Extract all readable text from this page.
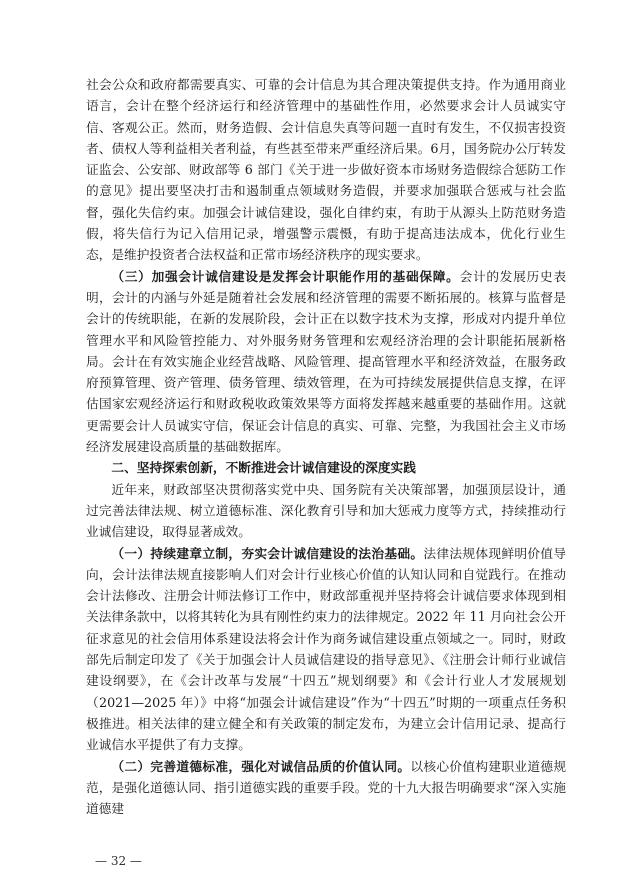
社会公众和政府都需要真实、可靠的会计信息为其合理决策提供支持。作为通用商业语言，会计在整个经济运行和经济管理中的基础性作用，必然要求会计人员诚实守信、客观公正。然而，财务造假、会计信息失真等问题一直时有发生，不仅损害投资者、债权人等利益相关者利益，有些甚至带来严重经济后果。6月，国务院办公厅转发证监会、公安部、财政部等 6 部门《关于进一步做好资本市场财务造假综合惩防工作的意见》提出要坚决打击和遏制重点领域财务造假，并要求加强联合惩戒与社会监督，强化失信约束。加强会计诚信建设，强化自律约束，有助于从源头上防范财务造假，将失信行为记入信用记录，增强警示震慑，有助于提高违法成本，优化行业生态，是维护投资者合法权益和正常市场经济秩序的现实要求。

（三）加强会计诚信建设是发挥会计职能作用的基础保障。会计的发展历史表明，会计的内涵与外延是随着社会发展和经济管理的需要不断拓展的。核算与监督是会计的传统职能，在新的发展阶段，会计正在以数字技术为支撑，形成对内提升单位管理水平和风险管控能力、对外服务财务管理和宏观经济治理的会计职能拓展新格局。会计在有效实施企业经营战略、风险管理、提高管理水平和经济效益，在服务政府预算管理、资产管理、债务管理、绩效管理，在为可持续发展提供信息支撑，在评估国家宏观经济运行和财政税收政策效果等方面将发挥越来越重要的基础作用。这就更需要会计人员诚实守信，保证会计信息的真实、可靠、完整，为我国社会主义市场经济发展建设高质量的基础数据库。

二、坚持探索创新，不断推进会计诚信建设的深度实践

近年来，财政部坚决贯彻落实党中央、国务院有关决策部署，加强顶层设计，通过完善法律法规、树立道德标准、深化教育引导和加大惩戒力度等方式，持续推动行业诚信建设，取得显著成效。

（一）持续建章立制，夯实会计诚信建设的法治基础。法律法规体现鲜明价值导向，会计法律法规直接影响人们对会计行业核心价值的认知认同和自觉践行。在推动会计法修改、注册会计师法修订工作中，财政部重视并坚持将会计诚信要求体现到相关法律条款中，以将其转化为具有刚性约束力的法律规定。2022 年 11 月向社会公开征求意见的社会信用体系建设法将会计作为商务诚信建设重点领域之一。同时，财政部先后制定印发了《关于加强会计人员诚信建设的指导意见》、《注册会计师行业诚信建设纲要》，在《会计改革与发展“十四五”规划纲要》和《会计行业人才发展规划（2021—2025 年）》中将“加强会计诚信建设”作为“十四五”时期的一项重点任务积极推进。相关法律的建立健全和有关政策的制定发布，为建立会计信用记录、提高行业诚信水平提供了有力支撑。

（二）完善道德标准，强化对诚信品质的价值认同。以核心价值构建职业道德规范，是强化道德认同、指引道德实践的重要手段。党的十九大报告明确要求“深入实施道德建

— 32 —
